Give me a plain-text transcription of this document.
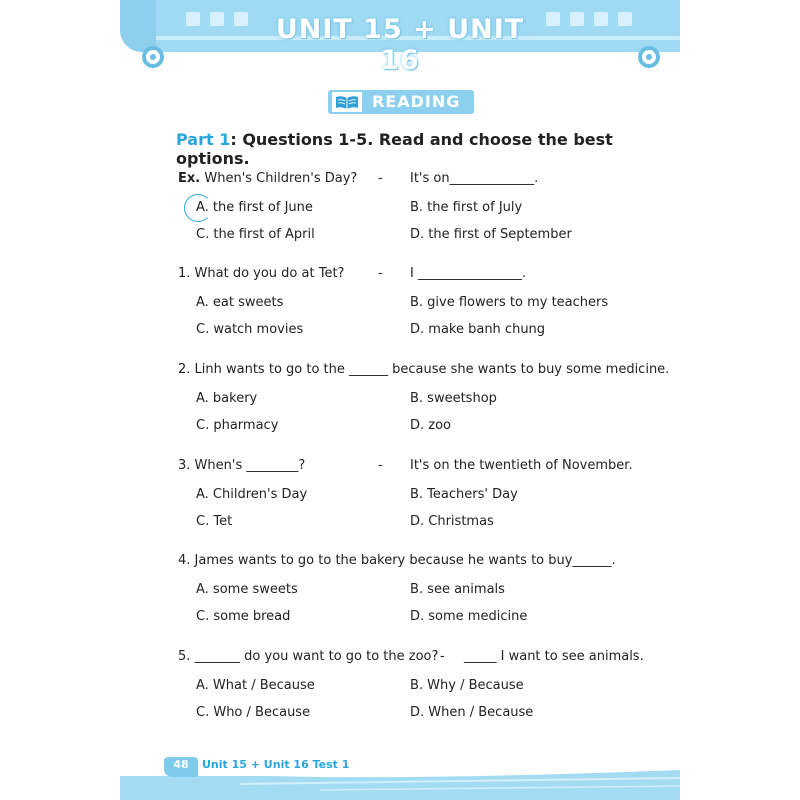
UNIT 15 + UNIT 16
READING
Part 1: Questions 1-5. Read and choose the best options.
Ex. When's Children's Day? - It's on_____________.
A. the first of June	B. the first of July
C. the first of April	D. the first of September
1. What do you do at Tet?	- I ________________.
A. eat sweets	B. give flowers to my teachers
C. watch movies	D. make banh chung
2. Linh wants to go to the ______ because she wants to buy some medicine.
A. bakery	B. sweetshop
C. pharmacy	D. zoo
3. When's ________?	- It's on the twentieth of November.
A. Children's Day	B. Teachers' Day
C. Tet	D. Christmas
4. James wants to go to the bakery because he wants to buy______.
A. some sweets	B. see animals
C. some bread	D. some medicine
5. _______ do you want to go to the zoo? - _____ I want to see animals.
A. What / Because	B. Why / Because
C. Who / Because	D. When / Because
48	Unit 15 + Unit 16 Test 1
